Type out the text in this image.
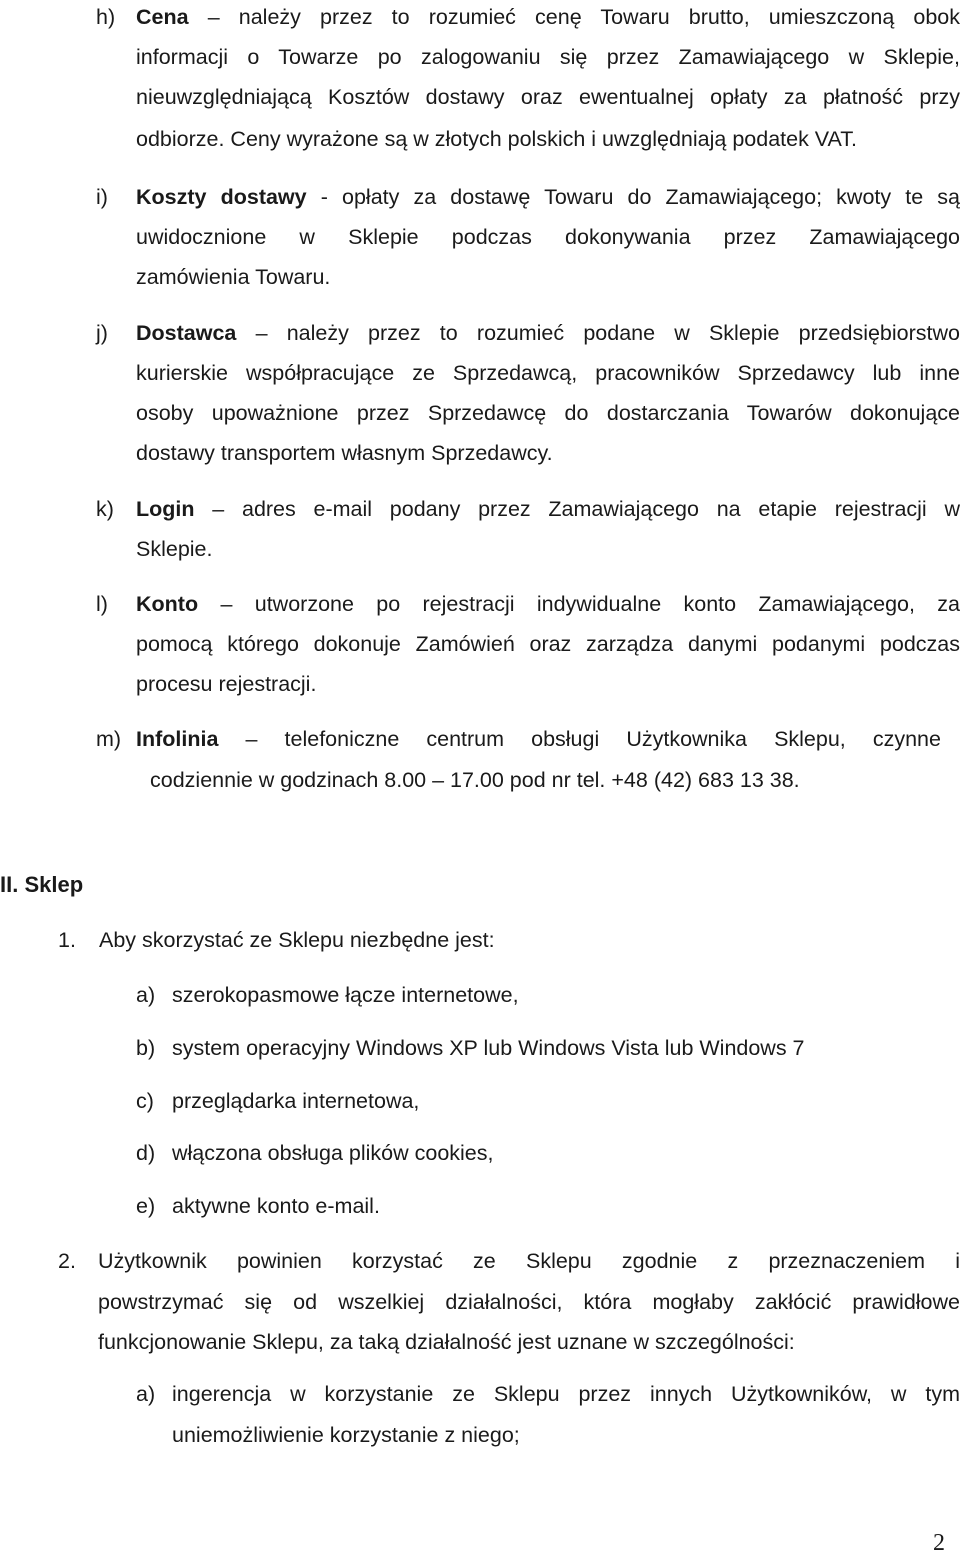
h) Cena – należy przez to rozumieć cenę Towaru brutto, umieszczoną obok
informacji o Towarze po zalogowaniu się przez Zamawiającego w Sklepie,
nieuwzględniającą Kosztów dostawy oraz ewentualnej opłaty za płatność przy
odbiorze. Ceny wyrażone są w złotych polskich i uwzględniają podatek VAT.
i) Koszty dostawy - opłaty za dostawę Towaru do Zamawiającego; kwoty te są
uwidocznione w Sklepie podczas dokonywania przez Zamawiającego
zamówienia Towaru.
j) Dostawca – należy przez to rozumieć podane w Sklepie przedsiębiorstwo
kurierskie współpracujące ze Sprzedawcą, pracowników Sprzedawcy lub inne
osoby upoważnione przez Sprzedawcę do dostarczania Towarów dokonujące
dostawy transportem własnym Sprzedawcy.
k) Login – adres e-mail podany przez Zamawiającego na etapie rejestracji w
Sklepie.
l) Konto – utworzone po rejestracji indywidualne konto Zamawiającego, za
pomocą którego dokonuje Zamówień oraz zarządza danymi podanymi podczas
procesu rejestracji.
m) Infolinia – telefoniczne centrum obsługi Użytkownika Sklepu, czynne
codziennie w godzinach 8.00 – 17.00 pod nr tel. +48 (42) 683 13 38.
II. Sklep
1. Aby skorzystać ze Sklepu niezbędne jest:
a) szerokopasmowe łącze internetowe,
b) system operacyjny Windows XP lub Windows Vista lub Windows 7
c) przeglądarka internetowa,
d) włączona obsługa plików cookies,
e) aktywne konto e-mail.
2. Użytkownik powinien korzystać ze Sklepu zgodnie z przeznaczeniem i
powstrzymać się od wszelkiej działalności, która mogłaby zakłócić prawidłowe
funkcjonowanie Sklepu, za taką działalność jest uznane w szczególności:
a) ingerencja w korzystanie ze Sklepu przez innych Użytkowników, w tym
uniemożliwienie korzystanie z niego;
2
